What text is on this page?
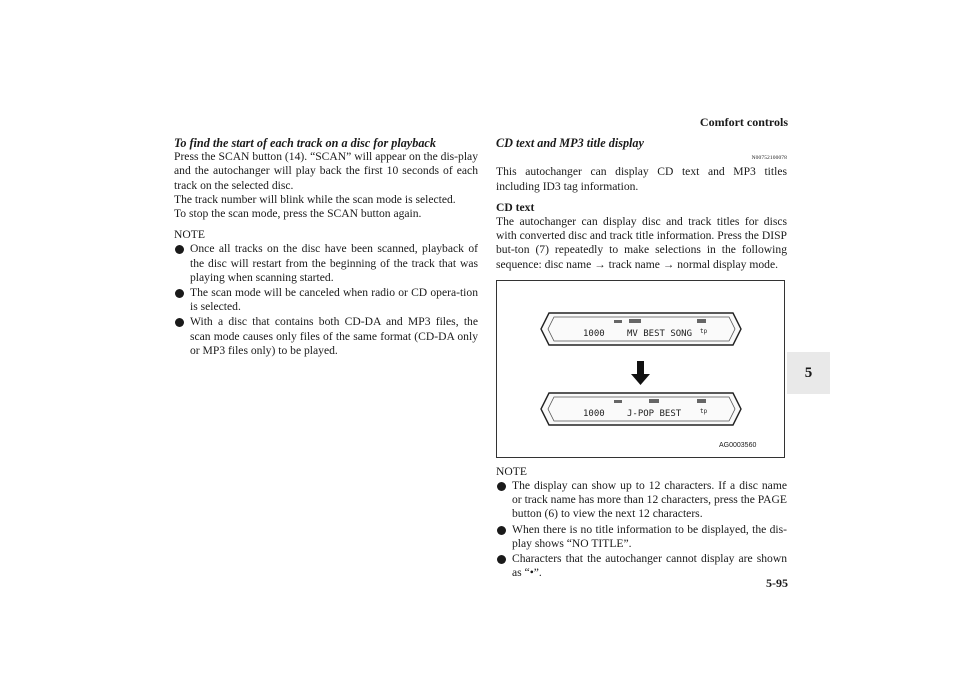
Comfort controls
5
To find the start of each track on a disc for playback

Press the SCAN button (14). “SCAN” will appear on the dis-play and the autochanger will play back the first 10 seconds of each track on the selected disc.

The track number will blink while the scan mode is selected.

To stop the scan mode, press the SCAN button again.

NOTE
Once all tracks on the disc have been scanned, playback of the disc will restart from the beginning of the track that was playing when scanning started.
The scan mode will be canceled when radio or CD opera-tion is selected.
With a disc that contains both CD-DA and MP3 files, the scan mode causes only files of the same format (CD-DA only or MP3 files only) to be played.
CD text and MP3 title display
N00752100078

This autochanger can display CD text and MP3 titles including ID3 tag information.

CD text

The autochanger can display disc and track titles for discs with converted disc and track title information. Press the DISP but-ton (7) repeatedly to make selections in the following sequence: disc name → track name → normal display mode.

1000 MV BEST SONG tp
1000 J-POP BEST	tp
AG0003560
NOTE
The display can show up to 12 characters. If a disc name or track name has more than 12 characters, press the PAGE button (6) to view the next 12 characters.
When there is no title information to be displayed, the dis-play shows “NO TITLE”.
Characters that the autochanger cannot display are shown as “•”.
5-95
